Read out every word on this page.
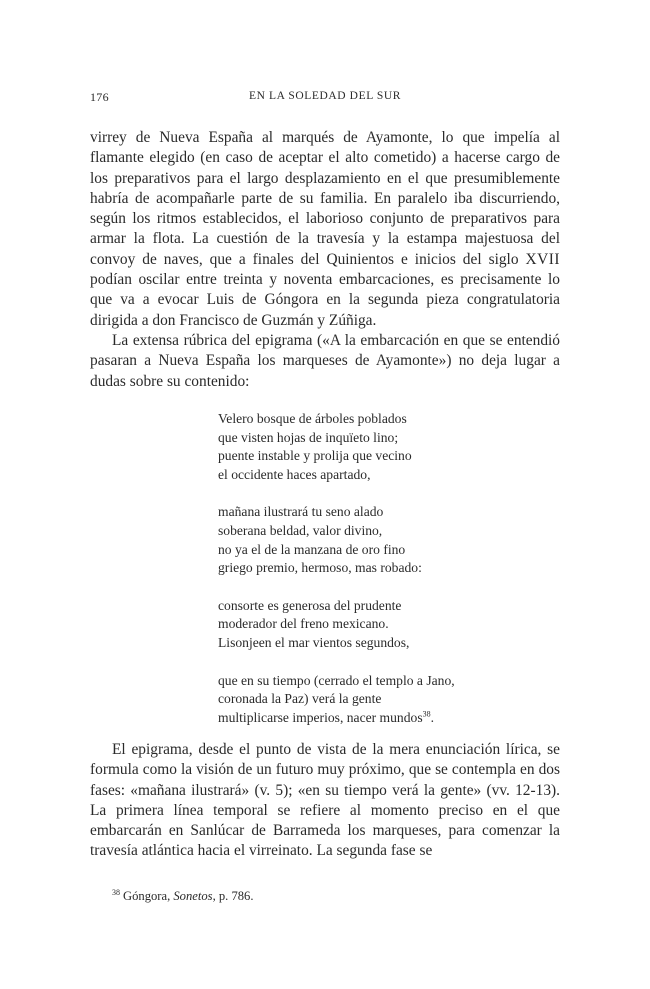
176	EN LA SOLEDAD DEL SUR

virrey de Nueva España al marqués de Ayamonte, lo que impelía al flamante elegido (en caso de aceptar el alto cometido) a hacerse cargo de los preparativos para el largo desplazamiento en el que presumiblemente habría de acompañarle parte de su familia. En paralelo iba discurriendo, según los ritmos establecidos, el laborioso conjunto de preparativos para armar la flota. La cuestión de la travesía y la estampa majestuosa del convoy de naves, que a finales del Quinientos e inicios del siglo XVII podían oscilar entre treinta y noventa embarcaciones, es precisamente lo que va a evocar Luis de Góngora en la segunda pieza congratulatoria dirigida a don Francisco de Guzmán y Zúñiga.

La extensa rúbrica del epigrama («A la embarcación en que se entendió pasaran a Nueva España los marqueses de Ayamonte») no deja lugar a dudas sobre su contenido:

Velero bosque de árboles poblados
que visten hojas de inquïeto lino;
puente instable y prolija que vecino
el occidente haces apartado,
mañana ilustrará tu seno alado
soberana beldad, valor divino,
no ya el de la manzana de oro fino
griego premio, hermoso, mas robado:
consorte es generosa del prudente
moderador del freno mexicano.
Lisonjeen el mar vientos segundos,
que en su tiempo (cerrado el templo a Jano,
coronada la Paz) verá la gente
multiplicarse imperios, nacer mundos$^{38}$.

El epigrama, desde el punto de vista de la mera enunciación lírica, se formula como la visión de un futuro muy próximo, que se contempla en dos fases: «mañana ilustrará» (v. 5); «en su tiempo verá la gente» (vv. 12-13). La primera línea temporal se refiere al momento preciso en el que embarcarán en Sanlúcar de Barrameda los marqueses, para comenzar la travesía atlántica hacia el virreinato. La segunda fase se

$^{38}$ Góngora, Sonetos, p. 786.
